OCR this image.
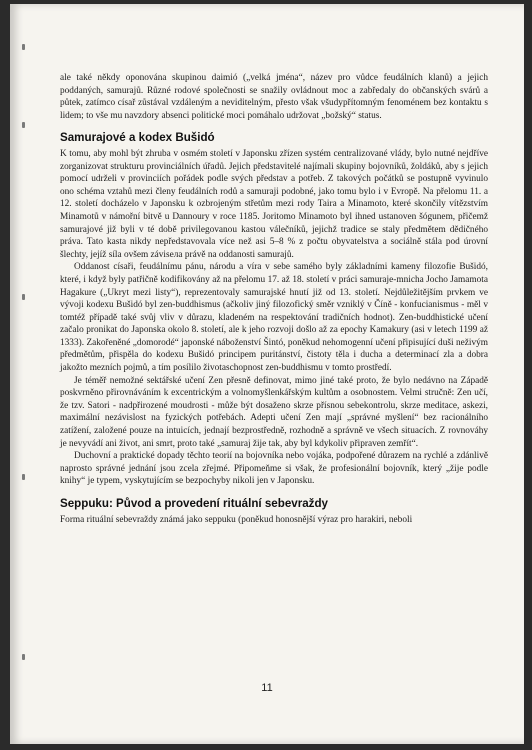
ale také někdy oponována skupinou daimió („velká jména“, název pro vůdce feudálních klanů) a jejich poddaných, samurajů. Různé rodové společnosti se snažily ovládnout moc a zabředaly do občanských svárů a půtek, zatímco císař zůstával vzdáleným a neviditelným, přesto však všudypřítomným fenoménem bez kontaktu s lidem; to vše mu navzdory absenci politické moci pomáhalo udržovat „božský“ status.

Samurajové a kodex Bušidó

K tomu, aby mohl být zhruba v osmém století v Japonsku zřízen systém centralizované vlády, bylo nutné nejdříve zorganizovat strukturu provinciálních úřadů. Jejich představitelé najímali skupiny bojovníků, žoldáků, aby s jejich pomocí udrželi v provinciích pořádek podle svých představ a potřeb. Z takových počátků se postupně vyvinulo ono schéma vztahů mezi členy feudálních rodů a samuraji podobné, jako tomu bylo i v Evropě. Na přelomu 11. a 12. století docházelo v Japonsku k ozbrojeným střetům mezi rody Taira a Minamoto, které skončily vítězstvím Minamotů v námořní bitvě u Dannoury v roce 1185. Joritomo Minamoto byl ihned ustanoven šógunem, přičemž samurajové již byli v té době privilegovanou kastou válečníků, jejichž tradice se staly předmětem dědičného práva. Tato kasta nikdy nepředstavovala více než asi 5–8 % z počtu obyvatelstva a sociálně stála pod úrovní šlechty, jejíž síla ovšem záviseла právě na oddanosti samurajů.

Oddanost císaři, feudálnímu pánu, národu a víra v sebe samého byly základními kameny filozofie Bušidó, které, i když byly patřičně kodifikovány až na přelomu 17. až 18. století v práci samuraje-mnicha Jocho Jamamota Hagakure („Ukryt mezi listy“), reprezentovaly samurajské hnutí již od 13. století. Nejdůležitějším prvkem ve vývoji kodexu Bušidó byl zen-buddhismus (ačkoliv jiný filozofický směr vzniklý v Číně - konfucianismus - měl v tomtéž případě také svůj vliv v důrazu, kladeném na respektování tradičních hodnot). Zen-buddhistické učení začalo pronikat do Japonska okolo 8. století, ale k jeho rozvoji došlo až za epochy Kamakury (asi v letech 1199 až 1333). Zakořeněné „domorodé“ japonské náboženství Šintó, poněkud nehomogenní učení připisující duši neživým předmětům, přispěla do kodexu Bušidó principem puritánství, čistoty těla i ducha a determinací zla a dobra jakožto mezních pojmů, a tím posílilo životaschopnost zen-buddhismu v tomto prostředí.

Je téměř nemožné sektářské učení Zen přesně definovat, mimo jiné také proto, že bylo nedávno na Západě poskvrněno přirovnáváním k excentrickým a volnomyšlenkářským kultům a osobnostem. Velmi stručně: Zen učí, že tzv. Satori - nadpřirozené moudrosti - může být dosaženo skrze přísnou sebekontrolu, skrze meditace, askezi, maximální nezávislost na fyzických potřebách. Adepti učení Zen mají „správné myšlení“ bez racionálního zatížení, založené pouze na intuicích, jednají bezprostředně, rozhodně a správně ve všech situacích. Z rovnováhy je nevyvádí ani život, ani smrt, proto také „samuraj žije tak, aby byl kdykoliv připraven zemřít“.

Duchovní a praktické dopady těchto teorií na bojovníka nebo vojáka, podpořené důrazem na rychlé a zdánlivě naprosto správné jednání jsou zcela zřejmé. Připomeňme si však, že profesionální bojovník, který „žije podle knihy“ je typem, vyskytujícím se bezpochyby nikoli jen v Japonsku.

Seppuku: Původ a provedení rituální sebevraždy

Forma rituální sebevraždy známá jako seppuku (poněkud honosnější výraz pro harakiri, neboli

11
